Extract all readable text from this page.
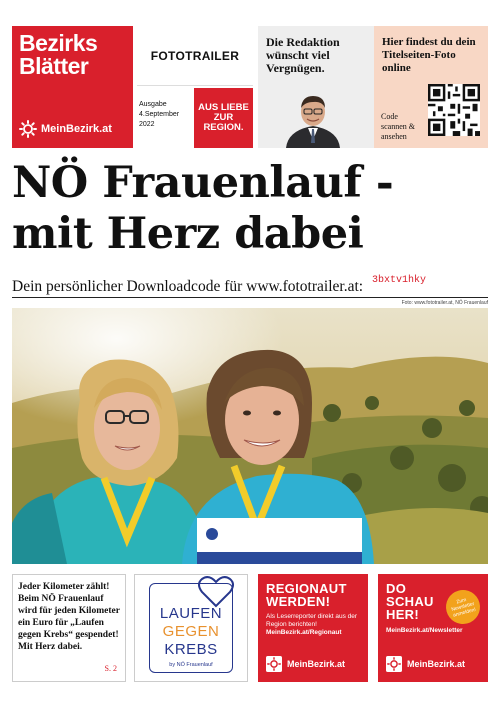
Bezirks
Blätter
MeinBezirk.at
FOTOTRAILER
Ausgabe
4.September 2022
AUS LIEBE ZUR REGION.
Die Redaktion wünscht viel Vergnügen.
Hier findest du dein Titelseiten-Foto online
Code scannen & ansehen
NÖ Frauenlauf -
mit Herz dabei
Dein persönlicher Downloadcode für www.fototrailer.at: 3bxtv1hky
Foto: www.fototrailer.at, NÖ Frauenlauf
Jeder Kilometer zählt! Beim NÖ Frauenlauf wird für jeden Kilometer ein Euro für „Laufen gegen Krebs“ gespendet! Mit Herz dabei.
S. 2
LAUFEN
GEGEN
KREBS
by NÖ Frauenlauf
REGIONAUT WERDEN!
Als Leserreporter direkt aus der Region berichten!
MeinBezirk.at/Regionaut
MeinBezirk.at
DO SCHAU HER!
Zum Newsletter anmelden!
MeinBezirk.at/Newsletter
MeinBezirk.at
